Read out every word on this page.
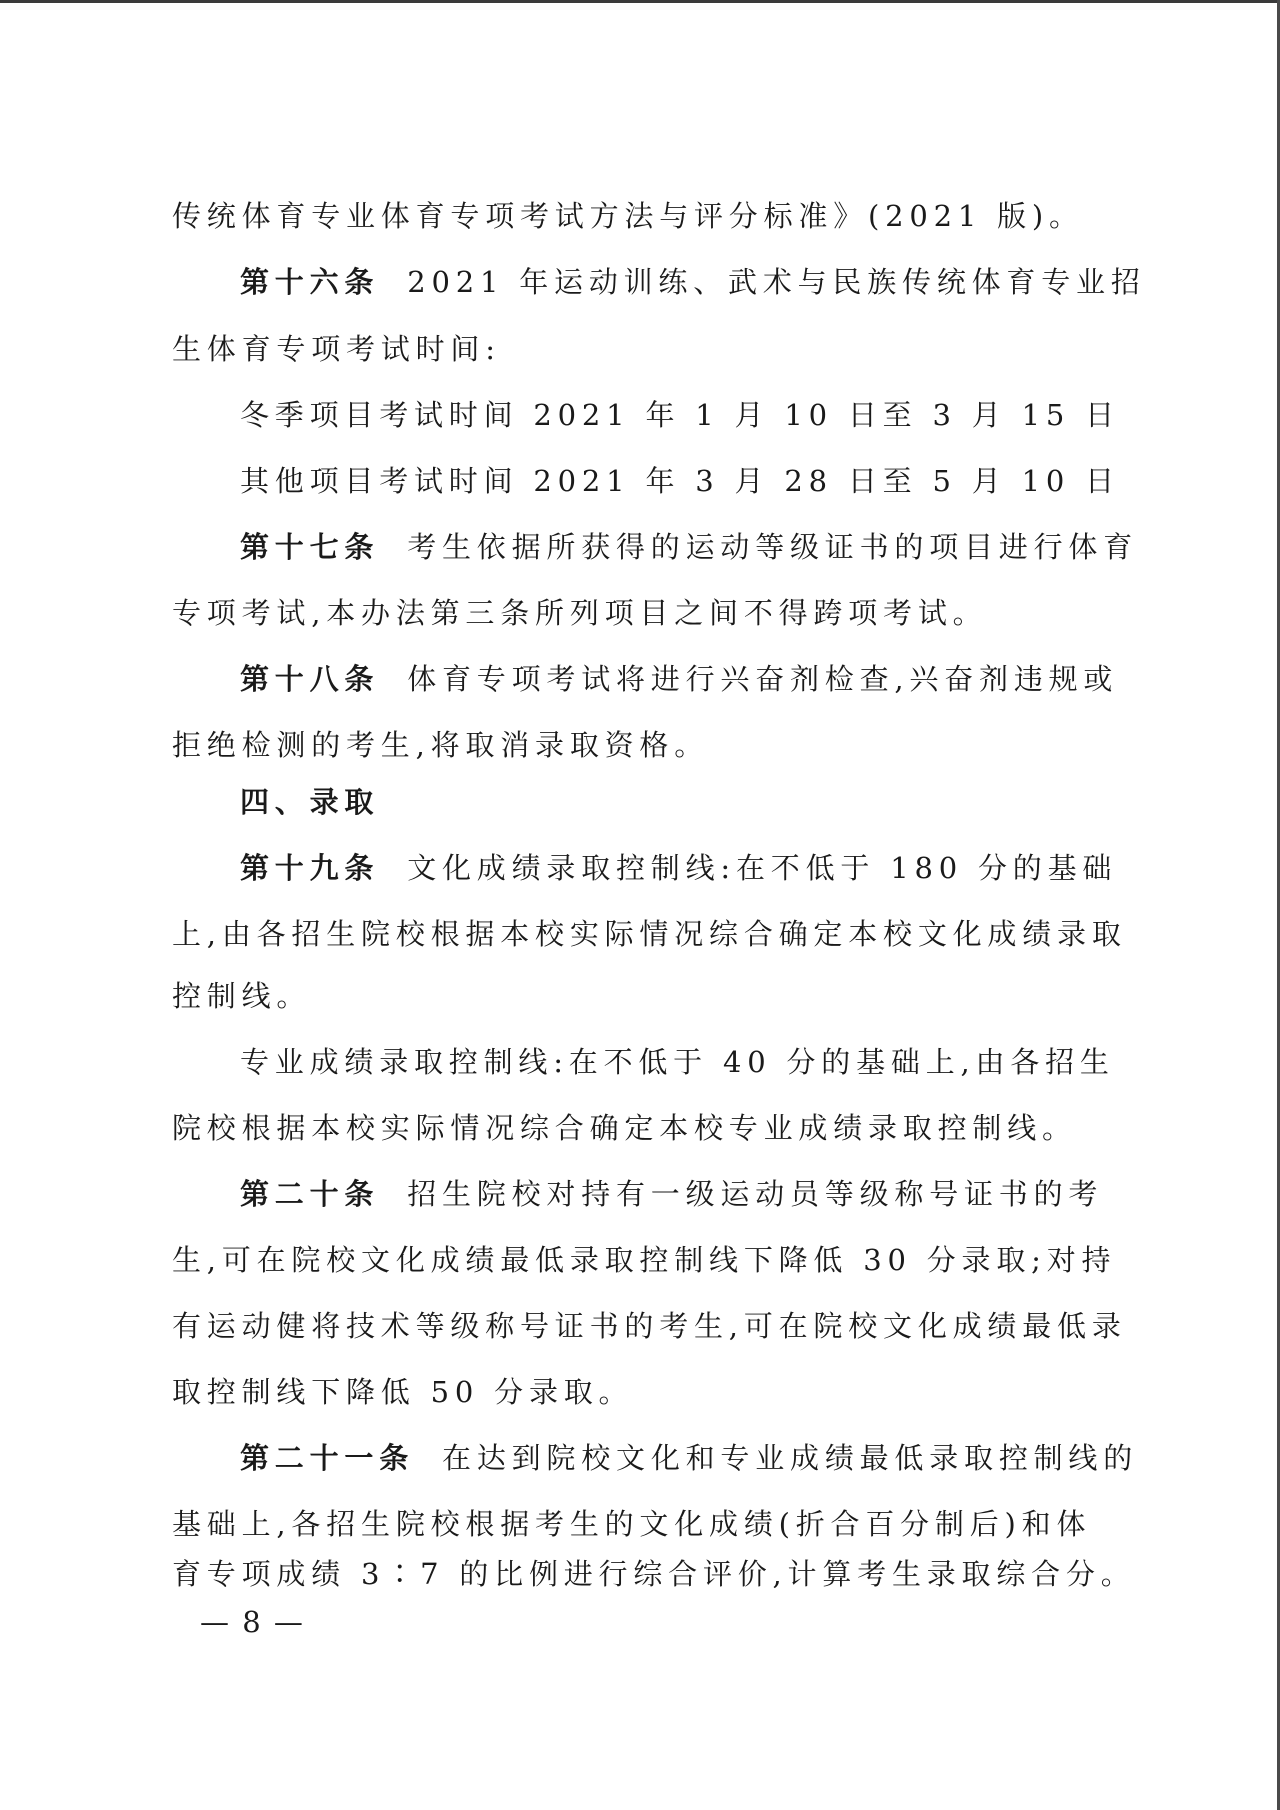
传统体育专业体育专项考试方法与评分标准》(2021 版)。

第十六条 2021 年运动训练、武术与民族传统体育专业招

生体育专项考试时间:

冬季项目考试时间 2021 年 1 月 10 日至 3 月 15 日

其他项目考试时间 2021 年 3 月 28 日至 5 月 10 日

第十七条 考生依据所获得的运动等级证书的项目进行体育

专项考试,本办法第三条所列项目之间不得跨项考试。

第十八条 体育专项考试将进行兴奋剂检查,兴奋剂违规或

拒绝检测的考生,将取消录取资格。

四、录取

第十九条 文化成绩录取控制线:在不低于 180 分的基础

上,由各招生院校根据本校实际情况综合确定本校文化成绩录取

控制线。

专业成绩录取控制线:在不低于 40 分的基础上,由各招生

院校根据本校实际情况综合确定本校专业成绩录取控制线。

第二十条 招生院校对持有一级运动员等级称号证书的考

生,可在院校文化成绩最低录取控制线下降低 30 分录取;对持

有运动健将技术等级称号证书的考生,可在院校文化成绩最低录

取控制线下降低 50 分录取。

第二十一条 在达到院校文化和专业成绩最低录取控制线的

基础上,各招生院校根据考生的文化成绩(折合百分制后)和体

育专项成绩 3∶7 的比例进行综合评价,计算考生录取综合分。

— 8 —
